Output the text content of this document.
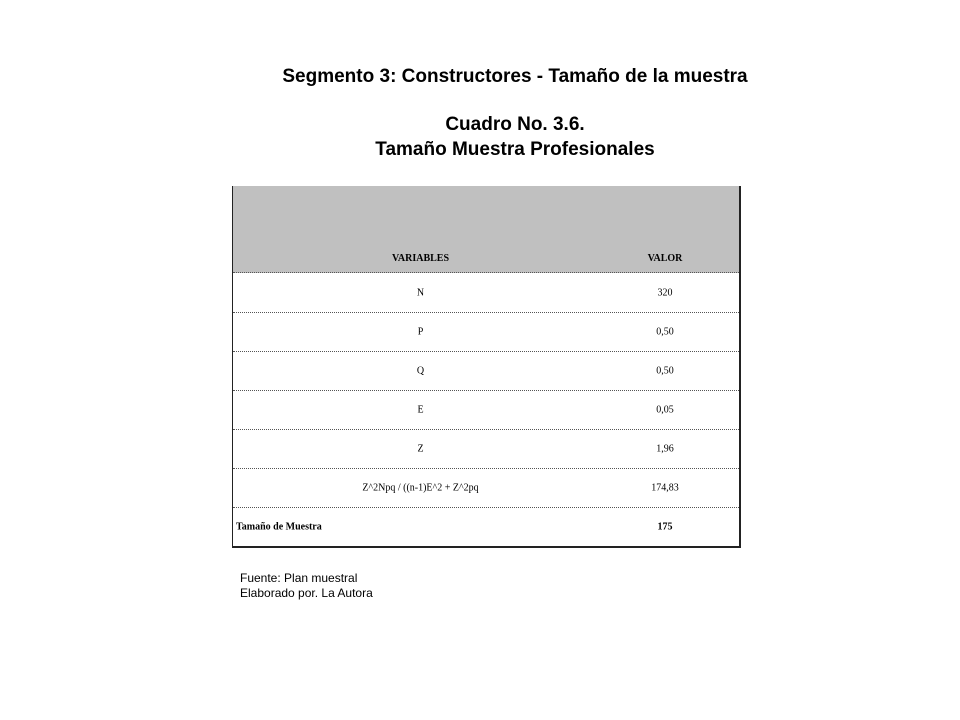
Segmento 3: Constructores - Tamaño de la muestra

Cuadro No. 3.6.

Tamaño Muestra Profesionales

VARIABLES	VALOR
N	320
P	0,50
Q	0,50
E	0,05
Z	1,96
Z^2Npq / ((n-1)E^2 + Z^2pq	174,83
Tamaño de Muestra	175
Fuente: Plan muestral
Elaborado por. La Autora
